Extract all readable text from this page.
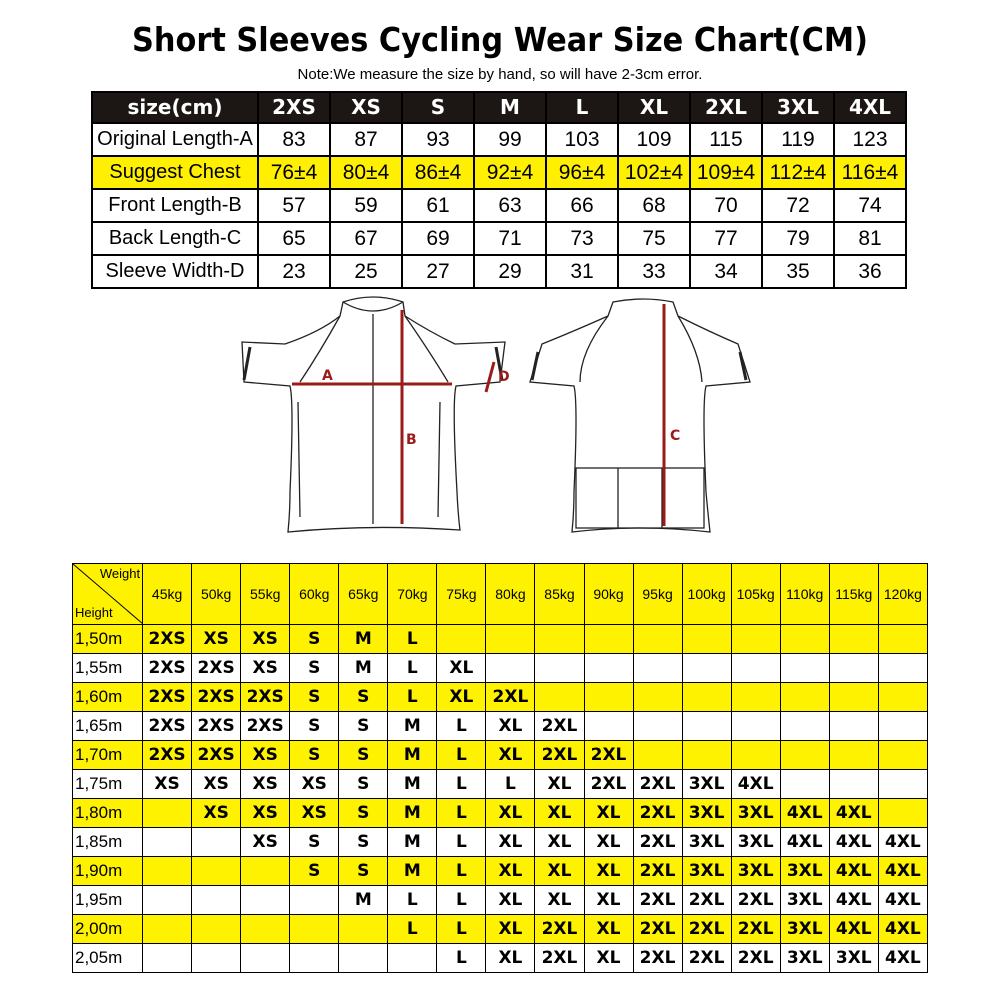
Short Sleeves Cycling Wear Size Chart(CM)
Note:We measure the size by hand, so will have 2-3cm error.
size(cm)	2XS	XS	S	M	L	XL	2XL	3XL	4XL
Original Length-A	83	87	93	99	103	109	115	119	123
Suggest Chest	76±4	80±4	86±4	92±4	96±4	102±4	109±4	112±4	116±4
Front Length-B	57	59	61	63	66	68	70	72	74
Back Length-C	65	67	69	71	73	75	77	79	81
Sleeve Width-D	23	25	27	29	31	33	34	35	36
A
B
D
C
Weight
Height	45kg	50kg	55kg	60kg	65kg	70kg	75kg	80kg	85kg	90kg	95kg	100kg	105kg	110kg	115kg	120kg
1,50m	2XS	XS	XS	S	M	L										
1,55m	2XS	2XS	XS	S	M	L	XL									
1,60m	2XS	2XS	2XS	S	S	L	XL	2XL								
1,65m	2XS	2XS	2XS	S	S	M	L	XL	2XL							
1,70m	2XS	2XS	XS	S	S	M	L	XL	2XL	2XL						
1,75m	XS	XS	XS	XS	S	M	L	L	XL	2XL	2XL	3XL	4XL			
1,80m		XS	XS	XS	S	M	L	XL	XL	XL	2XL	3XL	3XL	4XL	4XL	
1,85m			XS	S	S	M	L	XL	XL	XL	2XL	3XL	3XL	4XL	4XL	4XL
1,90m				S	S	M	L	XL	XL	XL	2XL	3XL	3XL	3XL	4XL	4XL
1,95m					M	L	L	XL	XL	XL	2XL	2XL	2XL	3XL	4XL	4XL
2,00m						L	L	XL	2XL	XL	2XL	2XL	2XL	3XL	4XL	4XL
2,05m							L	XL	2XL	XL	2XL	2XL	2XL	3XL	3XL	4XL
